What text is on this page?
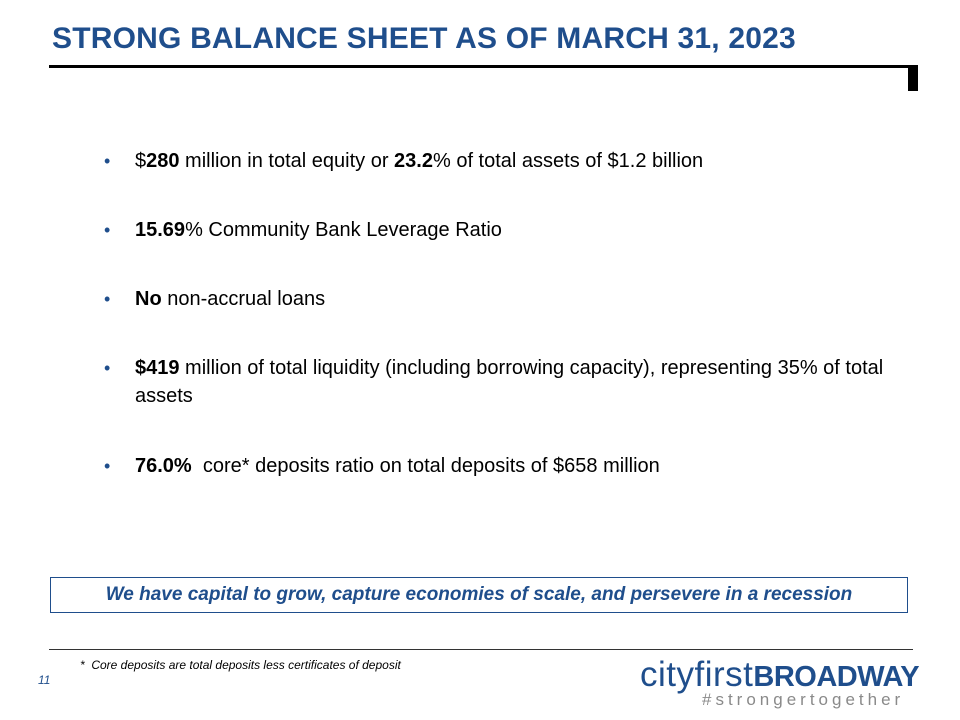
STRONG BALANCE SHEET AS OF MARCH 31, 2023
• $280 million in total equity or 23.2% of total assets of $1.2 billion
• 15.69% Community Bank Leverage Ratio
• No non-accrual loans
• $419 million of total liquidity (including borrowing capacity), representing 35% of total assets
• 76.0%  core* deposits ratio on total deposits of $658 million
We have capital to grow, capture economies of scale, and persevere in a recession
*  Core deposits are total deposits less certificates of deposit
11	cityfirstBROADWAY
#strongertogether
